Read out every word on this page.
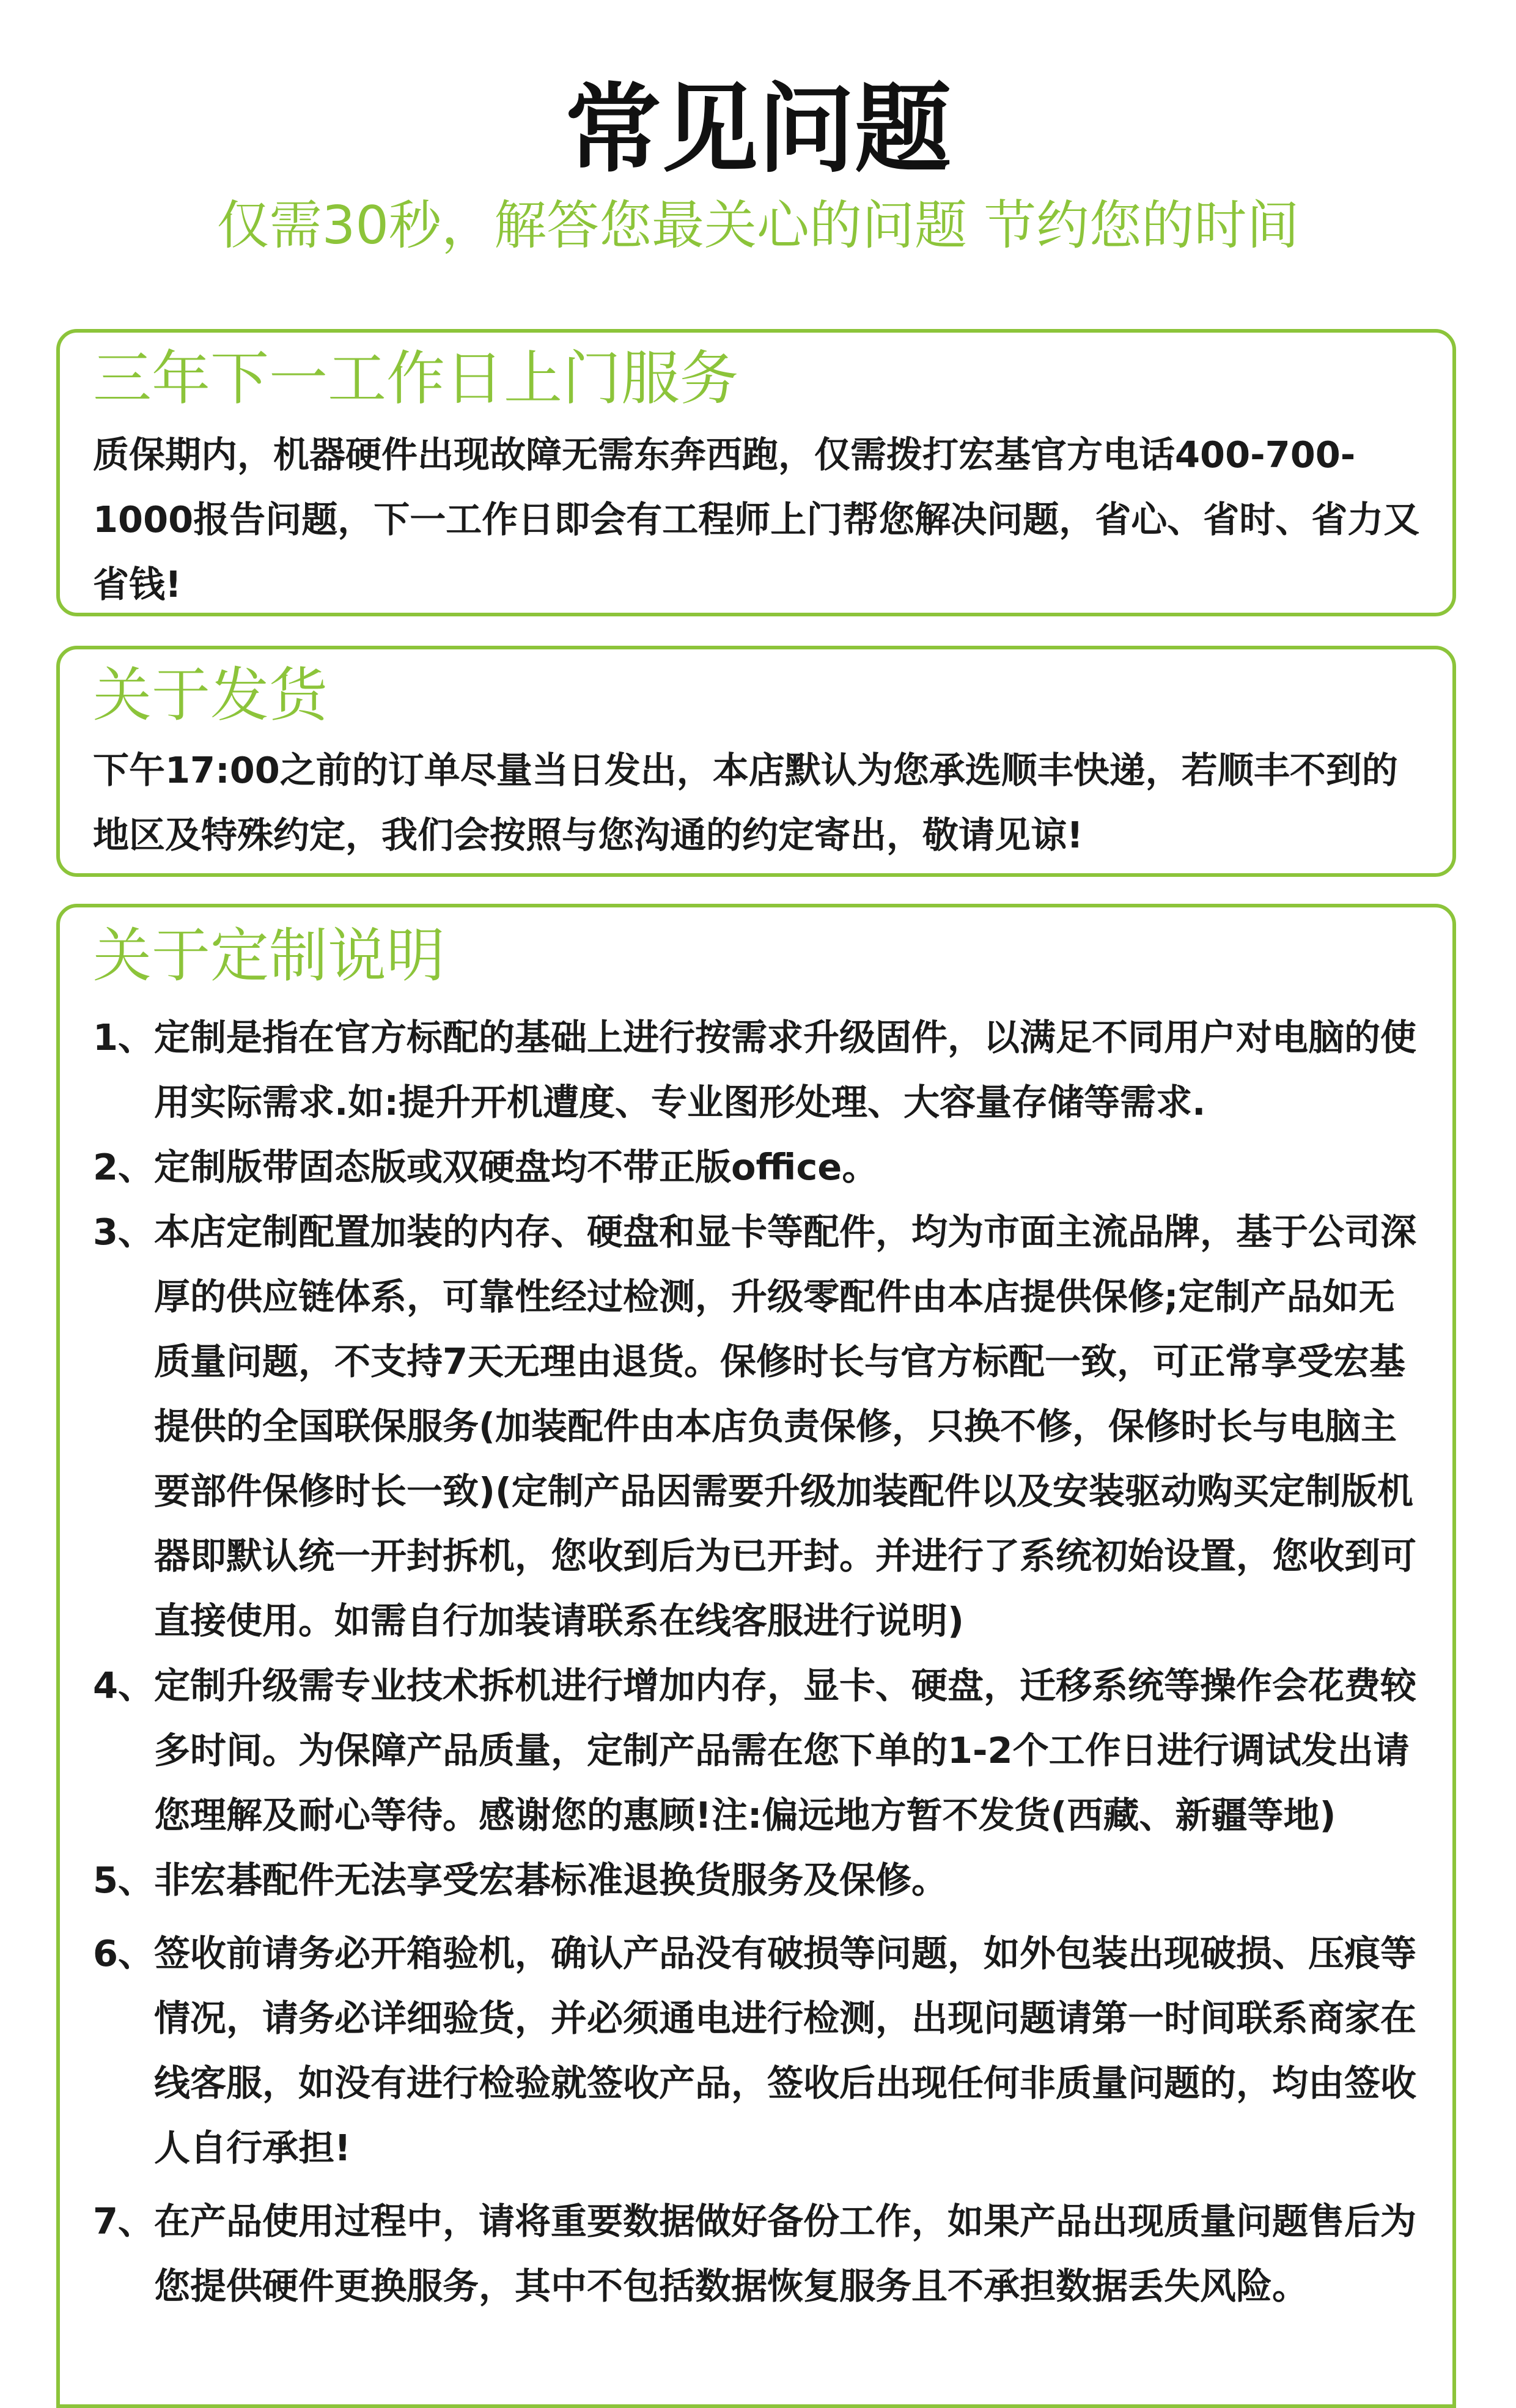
常见问题
仅需30秒，解答您最关心的问题 节约您的时间
三年下一工作日上门服务

质保期内，机器硬件出现故障无需东奔西跑，仅需拨打宏基官方电话400-700-1000报告问题，下一工作日即会有工程师上门帮您解决问题，省心、省时、省力又省钱!

关于发货

下午17:00之前的订单尽量当日发出，本店默认为您承选顺丰快递，若顺丰不到的地区及特殊约定，我们会按照与您沟通的约定寄出，敬请见谅!

关于定制说明
1、 定制是指在官方标配的基础上进行按需求升级固件，以满足不同用户对电脑的使用实际需求.如:提升开机遭度、专业图形处理、大容量存储等需求.
2、 定制版带固态版或双硬盘均不带正版office。
3、 本店定制配置加装的内存、硬盘和显卡等配件，均为市面主流品牌，基于公司深厚的供应链体系，可靠性经过检测，升级零配件由本店提供保修;定制产品如无质量问题，不支持7天无理由退货。保修时长与官方标配一致，可正常享受宏基提供的全国联保服务(加装配件由本店负责保修，只换不修，保修时长与电脑主要部件保修时长一致)(定制产品因需要升级加装配件以及安装驱动购买定制版机器即默认统一开封拆机，您收到后为已开封。并进行了系统初始设置，您收到可直接使用。如需自行加装请联系在线客服进行说明)
4、 定制升级需专业技术拆机进行增加内存，显卡、硬盘，迁移系统等操作会花费较多时间。为保障产品质量，定制产品需在您下单的1-2个工作日进行调试发出请您理解及耐心等待。感谢您的惠顾!注:偏远地方暂不发货(西藏、新疆等地)
5、 非宏碁配件无法享受宏碁标准退换货服务及保修。
6、 签收前请务必开箱验机，确认产品没有破损等问题，如外包装出现破损、压痕等情况，请务必详细验货，并必须通电进行检测，出现问题请第一时间联系商家在线客服，如没有进行检验就签收产品，签收后出现任何非质量问题的，均由签收人自行承担!
7、 在产品使用过程中，请将重要数据做好备份工作，如果产品出现质量问题售后为您提供硬件更换服务，其中不包括数据恢复服务且不承担数据丢失风险。
